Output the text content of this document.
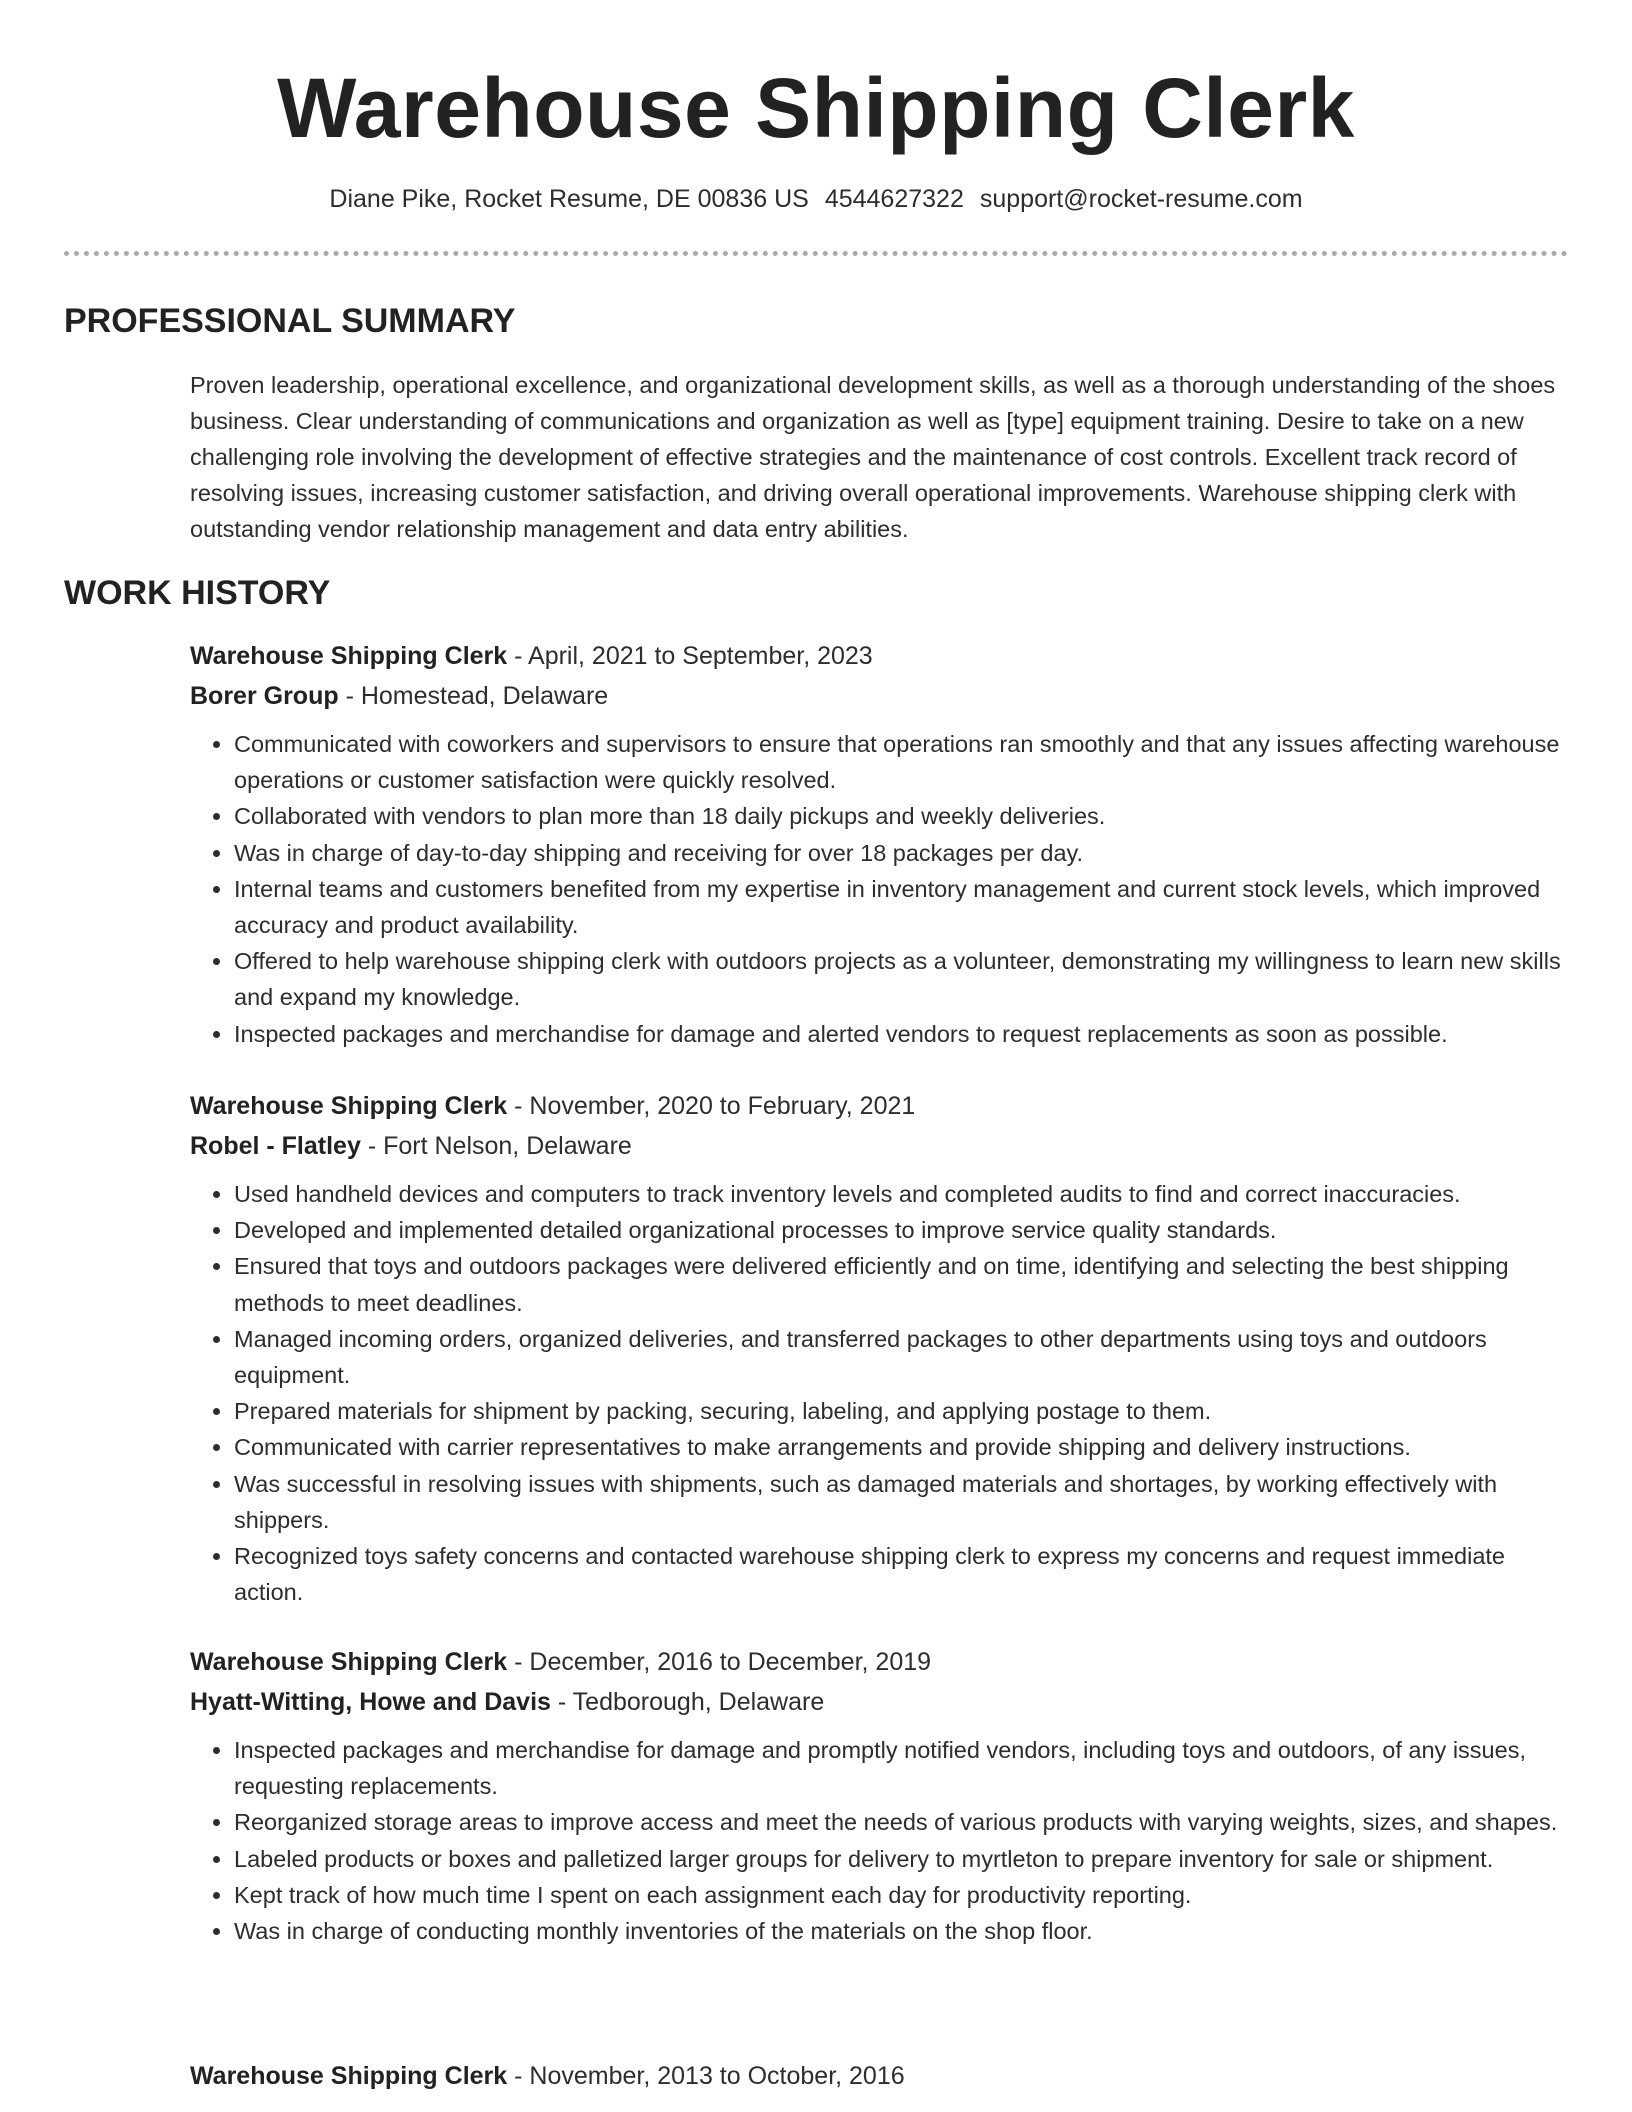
Warehouse Shipping Clerk
Diane Pike, Rocket Resume, DE 00836 US 4544627322 support@rocket-resume.com
PROFESSIONAL SUMMARY

Proven leadership, operational excellence, and organizational development skills, as well as a thorough understanding of the shoes business. Clear understanding of communications and organization as well as [type] equipment training. Desire to take on a new challenging role involving the development of effective strategies and the maintenance of cost controls. Excellent track record of resolving issues, increasing customer satisfaction, and driving overall operational improvements. Warehouse shipping clerk with outstanding vendor relationship management and data entry abilities.

WORK HISTORY
Warehouse Shipping Clerk - April, 2021 to September, 2023
Borer Group - Homestead, Delaware
• Communicated with coworkers and supervisors to ensure that operations ran smoothly and that any issues affecting warehouse operations or customer satisfaction were quickly resolved.
• Collaborated with vendors to plan more than 18 daily pickups and weekly deliveries.
• Was in charge of day-to-day shipping and receiving for over 18 packages per day.
• Internal teams and customers benefited from my expertise in inventory management and current stock levels, which improved accuracy and product availability.
• Offered to help warehouse shipping clerk with outdoors projects as a volunteer, demonstrating my willingness to learn new skills and expand my knowledge.
• Inspected packages and merchandise for damage and alerted vendors to request replacements as soon as possible.
Warehouse Shipping Clerk - November, 2020 to February, 2021
Robel - Flatley - Fort Nelson, Delaware
• Used handheld devices and computers to track inventory levels and completed audits to find and correct inaccuracies.
• Developed and implemented detailed organizational processes to improve service quality standards.
• Ensured that toys and outdoors packages were delivered efficiently and on time, identifying and selecting the best shipping methods to meet deadlines.
• Managed incoming orders, organized deliveries, and transferred packages to other departments using toys and outdoors equipment.
• Prepared materials for shipment by packing, securing, labeling, and applying postage to them.
• Communicated with carrier representatives to make arrangements and provide shipping and delivery instructions.
• Was successful in resolving issues with shipments, such as damaged materials and shortages, by working effectively with shippers.
• Recognized toys safety concerns and contacted warehouse shipping clerk to express my concerns and request immediate action.
Warehouse Shipping Clerk - December, 2016 to December, 2019
Hyatt-Witting, Howe and Davis - Tedborough, Delaware
• Inspected packages and merchandise for damage and promptly notified vendors, including toys and outdoors, of any issues, requesting replacements.
• Reorganized storage areas to improve access and meet the needs of various products with varying weights, sizes, and shapes.
• Labeled products or boxes and palletized larger groups for delivery to myrtleton to prepare inventory for sale or shipment.
• Kept track of how much time I spent on each assignment each day for productivity reporting.
• Was in charge of conducting monthly inventories of the materials on the shop floor.
Warehouse Shipping Clerk - November, 2013 to October, 2016
